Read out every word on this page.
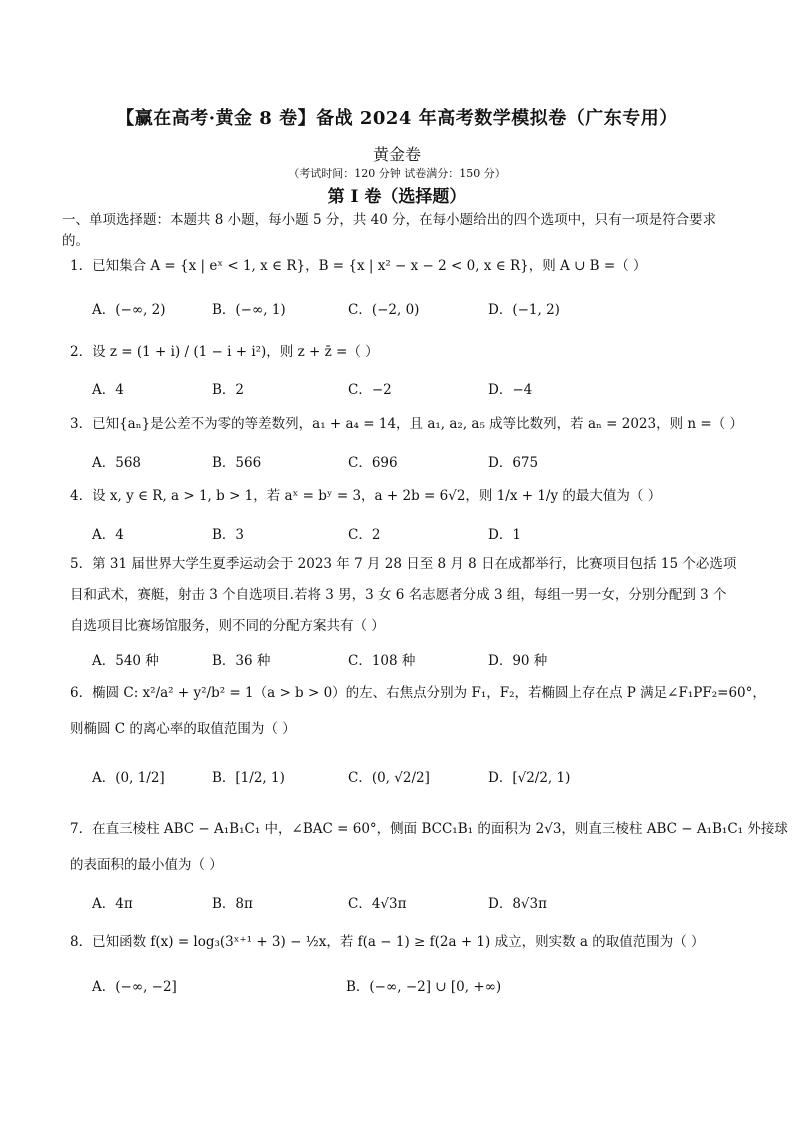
【赢在高考·黄金 8 卷】备战 2024 年高考数学模拟卷（广东专用）
黄金卷
（考试时间：120 分钟 试卷满分：150 分）
第 I 卷（选择题）
一、单项选择题：本题共 8 小题，每小题 5 分，共 40 分，在每小题给出的四个选项中，只有一项是符合要求的。
1．已知集合 A = {x | eˣ < 1, x ∈ R}，B = {x | x² − x − 2 < 0, x ∈ R}，则 A ∪ B =（ ）
A．(−∞, 2)	B．(−∞, 1)	C．(−2, 0)	D．(−1, 2)
2．设 z = (1 + i) / (1 − i + i²)，则 z + z̄ =（ ）
A．4	B．2	C．−2	D．−4
3．已知{aₙ}是公差不为零的等差数列，a₁ + a₄ = 14，且 a₁, a₂, a₅ 成等比数列，若 aₙ = 2023，则 n =（ ）
A．568	B．566	C．696	D．675
4．设 x, y ∈ R, a > 1, b > 1，若 aˣ = bʸ = 3，a + 2b = 6√2，则 1/x + 1/y 的最大值为（ ）
A．4	B．3	C．2	D．1
5．第 31 届世界大学生夏季运动会于 2023 年 7 月 28 日至 8 月 8 日在成都举行，比赛项目包括 15 个必选项目和武术，赛艇，射击 3 个自选项目.若将 3 男，3 女 6 名志愿者分成 3 组，每组一男一女，分别分配到 3 个自选项目比赛场馆服务，则不同的分配方案共有（ ）
A．540 种	B．36 种	C．108 种	D．90 种
6．椭圆 C: x²/a² + y²/b² = 1（a > b > 0）的左、右焦点分别为 F₁，F₂，若椭圆上存在点 P 满足∠F₁PF₂=60°，
则椭圆 C 的离心率的取值范围为（ ）
A．(0, 1/2]	B．[1/2, 1)	C．(0, √2/2]	D．[√2/2, 1)
7．在直三棱柱 ABC − A₁B₁C₁ 中，∠BAC = 60°，侧面 BCC₁B₁ 的面积为 2√3，则直三棱柱 ABC − A₁B₁C₁ 外接球
的表面积的最小值为（ ）
A．4π	B．8π	C．4√3π	D．8√3π
8．已知函数 f(x) = log₃(3ˣ⁺¹ + 3) − ½x，若 f(a − 1) ≥ f(2a + 1) 成立，则实数 a 的取值范围为（ ）
A．(−∞, −2]	B．(−∞, −2] ∪ [0, +∞)
